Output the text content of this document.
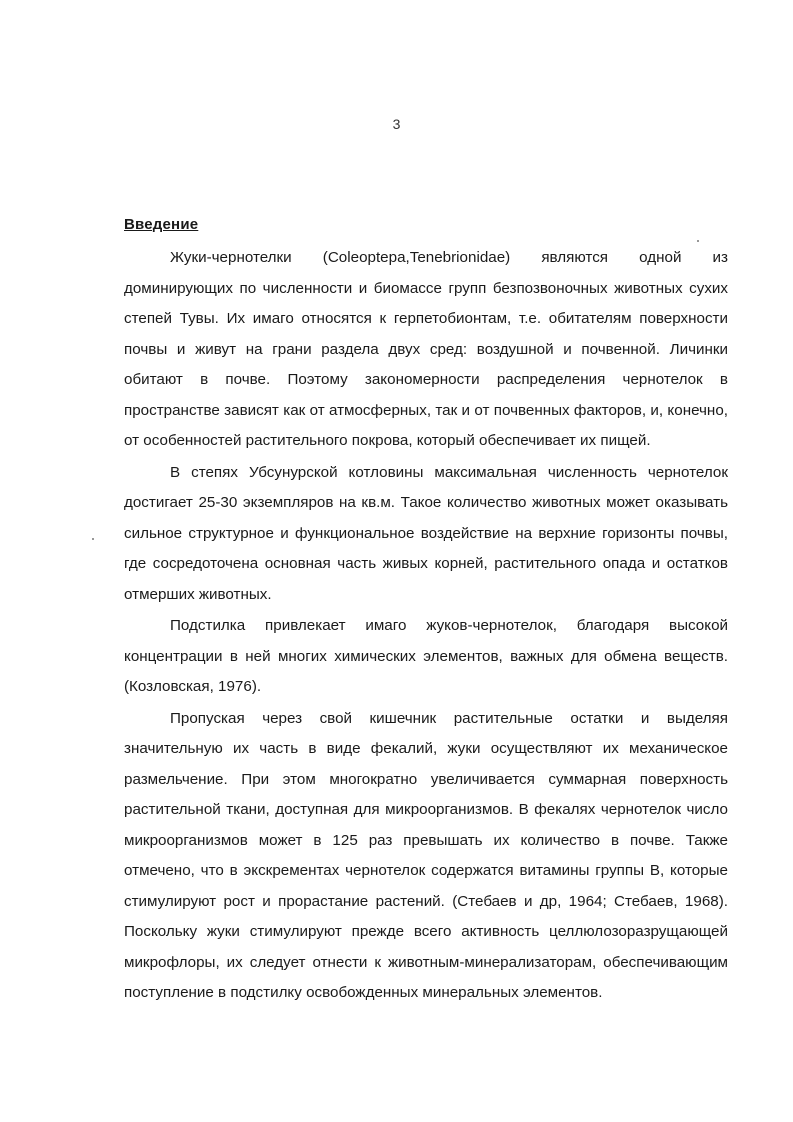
3
Введение

Жуки-чернотелки (Coleoptepa,Tenebrionidae) являются одной из доминирующих по численности и биомассе групп безпозвоночных животных сухих степей Тувы. Их имаго относятся к герпетобионтам, т.е. обитателям поверхности почвы и живут на грани раздела двух сред: воздушной и почвенной. Личинки обитают в почве. Поэтому закономерности распределения чернотелок в пространстве зависят как от атмосферных, так и от почвенных факторов, и, конечно, от особенностей растительного покрова, который обеспечивает их пищей.

В степях Убсунурской котловины максимальная численность чернотелок достигает 25-30 экземпляров на кв.м. Такое количество животных может оказывать сильное структурное и функциональное воздействие на верхние горизонты почвы, где сосредоточена основная часть живых корней, растительного опада и остатков отмерших животных.

Подстилка привлекает имаго жуков-чернотелок, благодаря высокой концентрации в ней многих химических элементов, важных для обмена веществ. (Козловская, 1976).

Пропуская через свой кишечник растительные остатки и выделяя значительную их часть в виде фекалий, жуки осуществляют их механическое размельчение. При этом многократно увеличивается суммарная поверхность растительной ткани, доступная для микроорганизмов. В фекалях чернотелок число микроорганизмов может в 125 раз превышать их количество в почве. Также отмечено, что в экскрементах чернотелок содержатся витамины группы В, которые стимулируют рост и прорастание растений. (Стебаев и др, 1964; Стебаев, 1968). Поскольку жуки стимулируют прежде всего активность целлюлозоразрущающей микрофлоры, их следует отнести к животным-минерализаторам, обеспечивающим поступление в подстилку освобожденных минеральных элементов.
